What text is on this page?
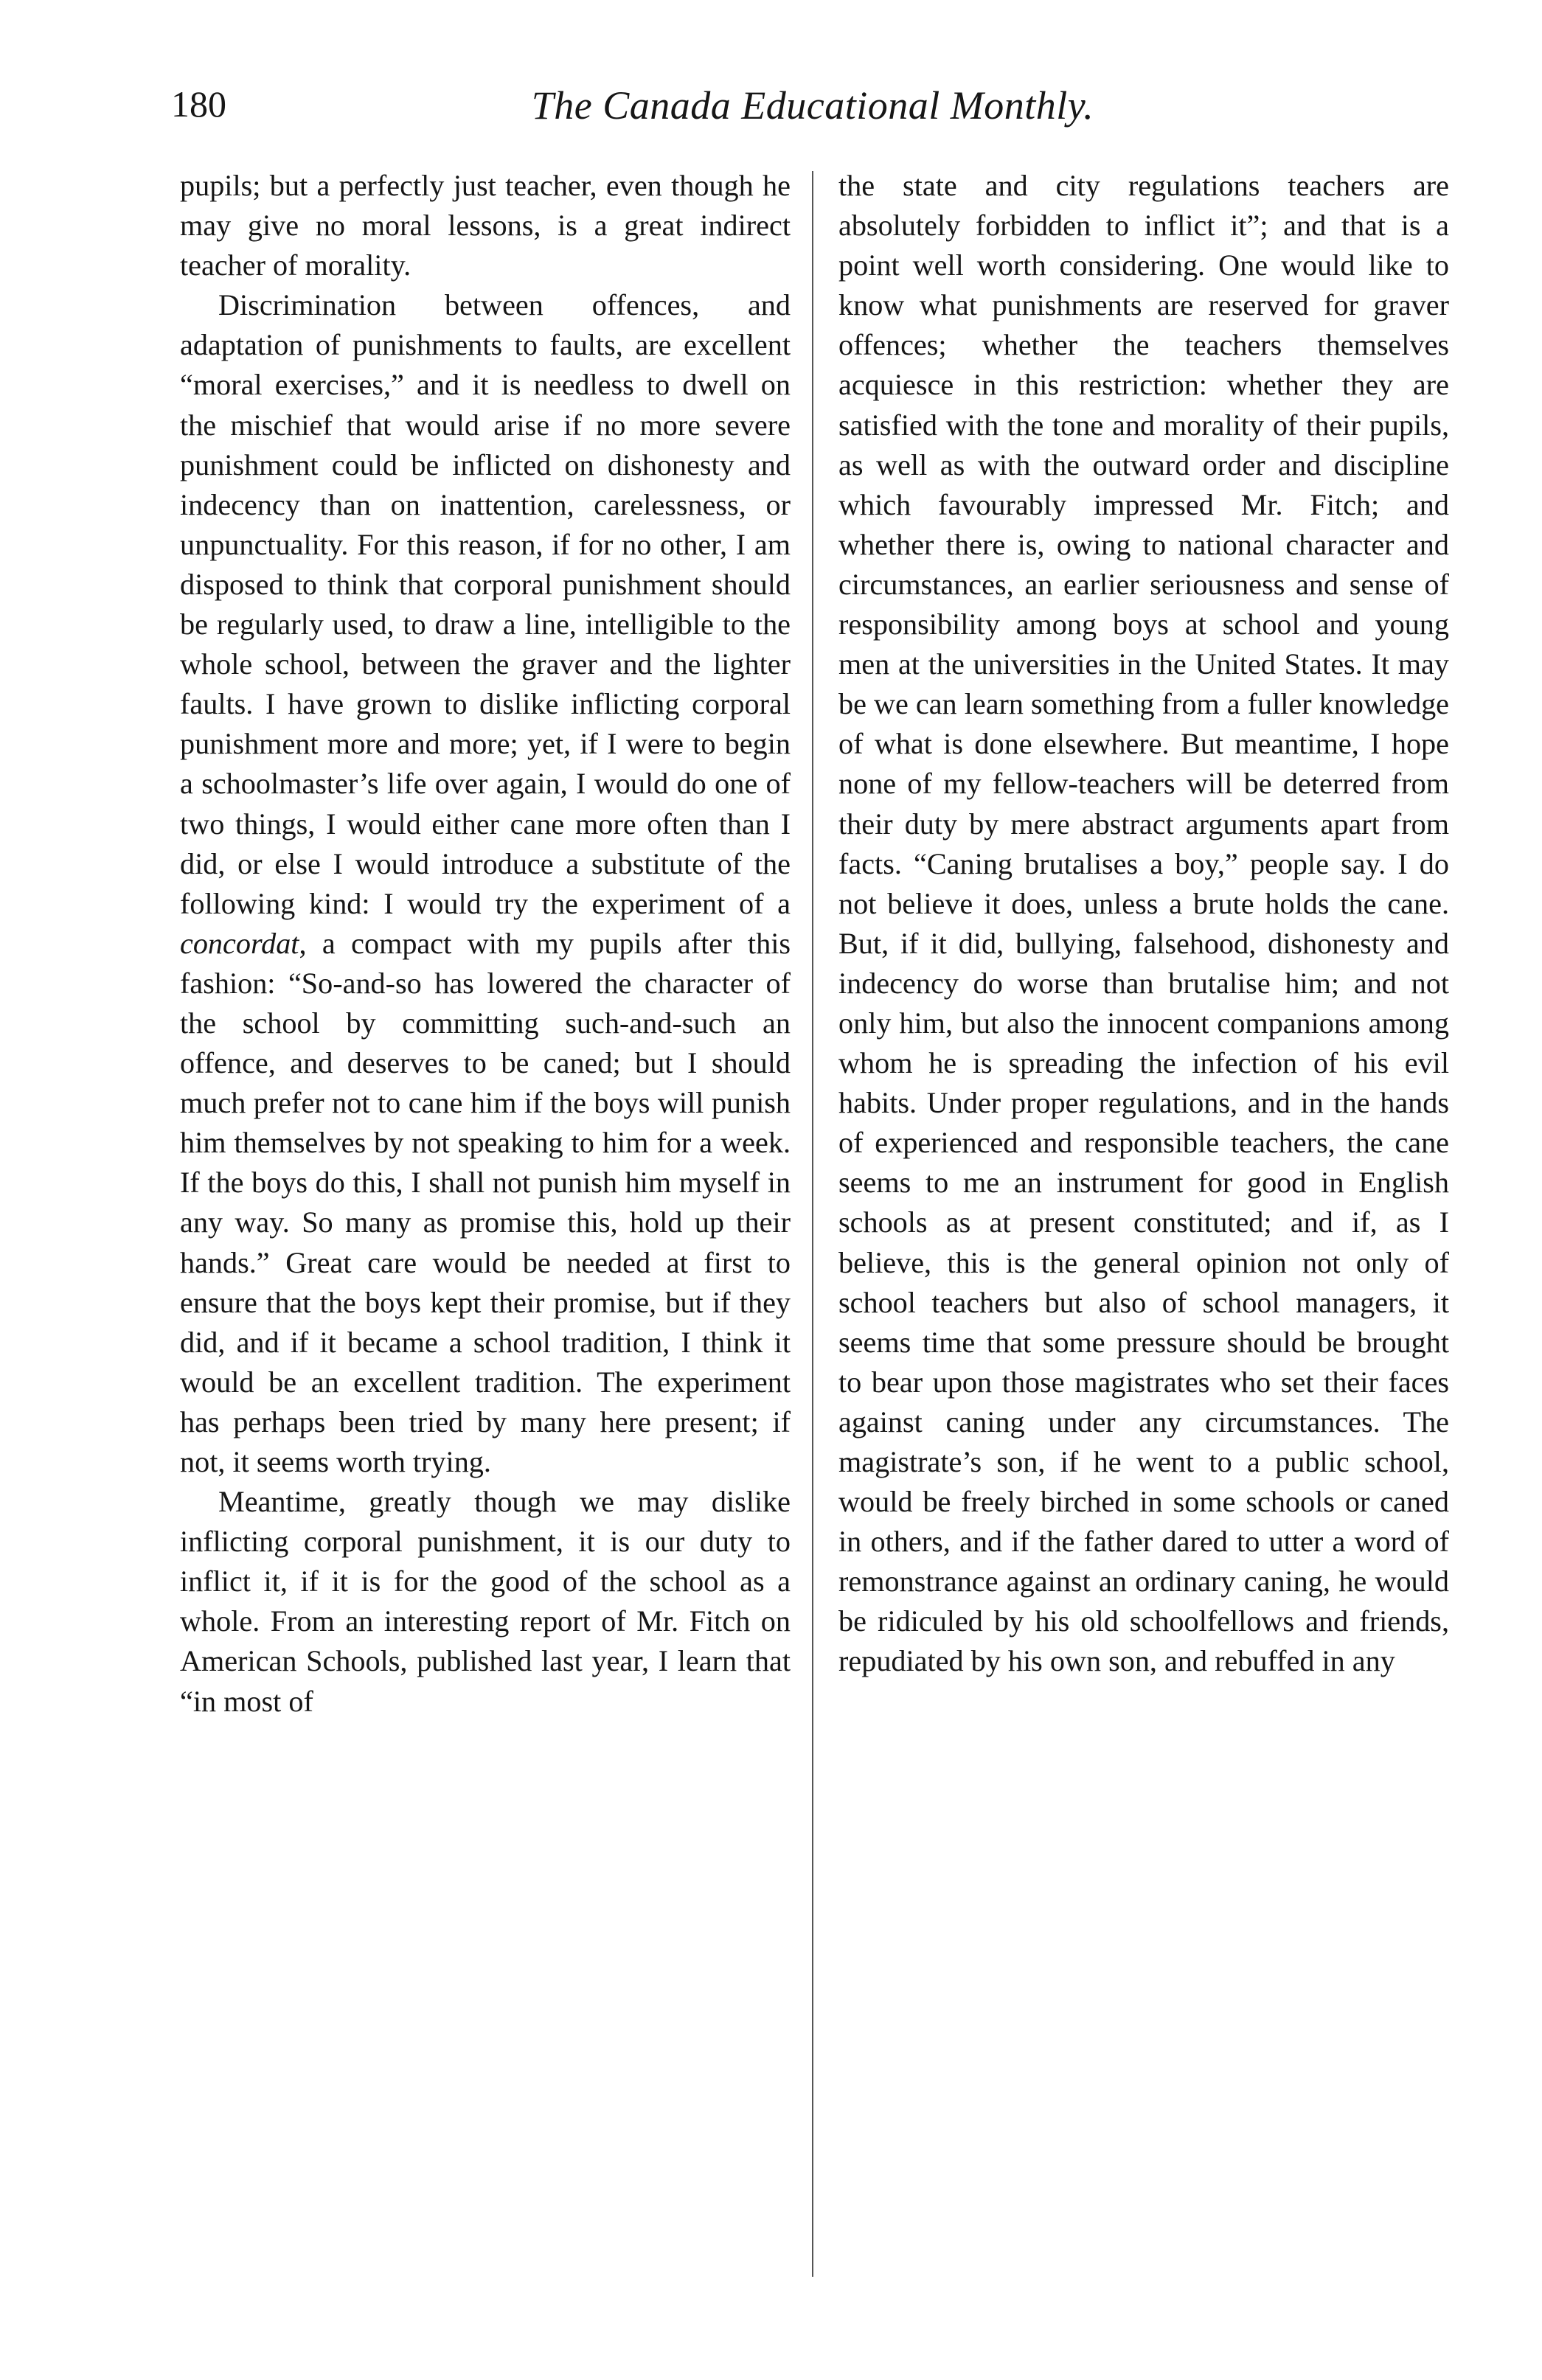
180	The Canada Educational Monthly.

pupils; but a perfectly just teacher, even though he may give no moral lessons, is a great indirect teacher of morality.

Discrimination between offences, and adaptation of punishments to faults, are excellent “moral exercises,” and it is needless to dwell on the mischief that would arise if no more severe punishment could be inflicted on dishonesty and indecency than on inattention, carelessness, or unpunctuality. For this reason, if for no other, I am disposed to think that corporal punishment should be regularly used, to draw a line, intelligible to the whole school, between the graver and the lighter faults. I have grown to dislike inflicting corporal punishment more and more; yet, if I were to begin a schoolmaster’s life over again, I would do one of two things, I would either cane more often than I did, or else I would introduce a substitute of the following kind: I would try the experiment of a concordat, a compact with my pupils after this fashion: “So-and-so has lowered the character of the school by committing such-and-such an offence, and deserves to be caned; but I should much prefer not to cane him if the boys will punish him themselves by not speaking to him for a week. If the boys do this, I shall not punish him myself in any way. So many as promise this, hold up their hands.” Great care would be needed at first to ensure that the boys kept their promise, but if they did, and if it became a school tradition, I think it would be an excellent tradition. The experiment has perhaps been tried by many here present; if not, it seems worth trying.

Meantime, greatly though we may dislike inflicting corporal punishment, it is our duty to inflict it, if it is for the good of the school as a whole. From an interesting report of Mr. Fitch on American Schools, published last year, I learn that “in most of

the state and city regulations teachers are absolutely forbidden to inflict it”; and that is a point well worth considering. One would like to know what punishments are reserved for graver offences; whether the teachers themselves acquiesce in this restriction: whether they are satisfied with the tone and morality of their pupils, as well as with the outward order and discipline which favourably impressed Mr. Fitch; and whether there is, owing to national character and circumstances, an earlier seriousness and sense of responsibility among boys at school and young men at the universities in the United States. It may be we can learn something from a fuller knowledge of what is done elsewhere. But meantime, I hope none of my fellow-teachers will be deterred from their duty by mere abstract arguments apart from facts. “Caning brutalises a boy,” people say. I do not believe it does, unless a brute holds the cane. But, if it did, bullying, falsehood, dishonesty and indecency do worse than brutalise him; and not only him, but also the innocent companions among whom he is spreading the infection of his evil habits. Under proper regulations, and in the hands of experienced and responsible teachers, the cane seems to me an instrument for good in English schools as at present constituted; and if, as I believe, this is the general opinion not only of school teachers but also of school managers, it seems time that some pressure should be brought to bear upon those magistrates who set their faces against caning under any circumstances. The magistrate’s son, if he went to a public school, would be freely birched in some schools or caned in others, and if the father dared to utter a word of remonstrance against an ordinary caning, he would be ridiculed by his old schoolfellows and friends, repudiated by his own son, and rebuffed in any
